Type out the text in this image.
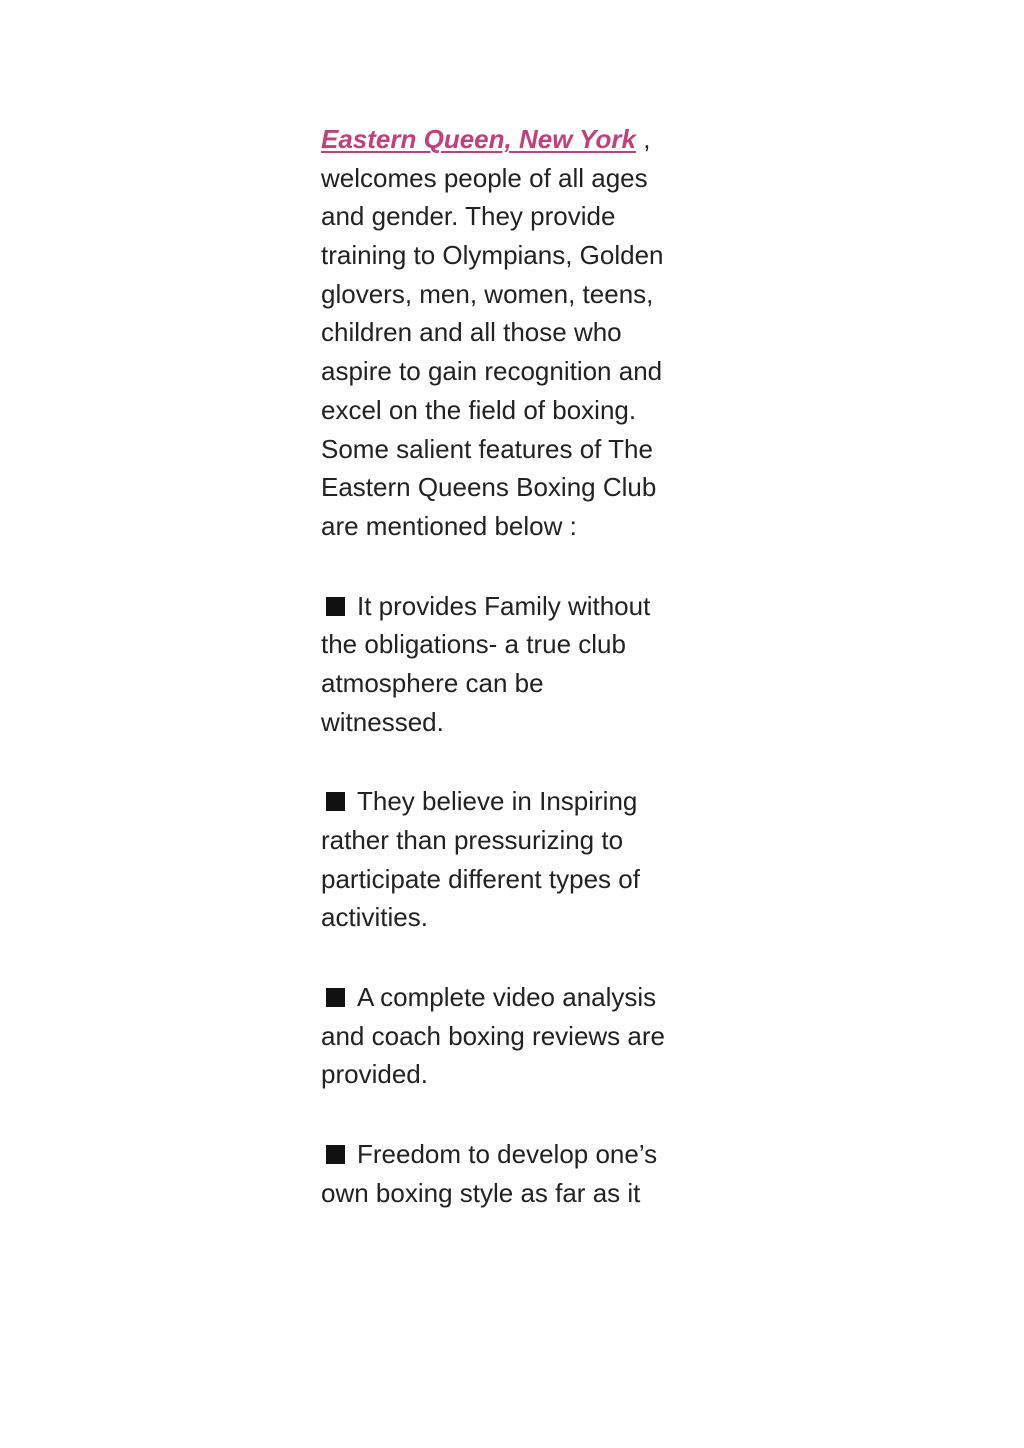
Eastern Queen, New York ,
welcomes people of all ages
and gender. They provide
training to Olympians, Golden
glovers, men, women, teens,
children and all those who
aspire to gain recognition and
excel on the field of boxing.
Some salient features of The
Eastern Queens Boxing Club
are mentioned below :
It provides Family without
the obligations- a true club
atmosphere can be
witnessed.
They believe in Inspiring
rather than pressurizing to
participate different types of
activities.
A complete video analysis
and coach boxing reviews are
provided.
Freedom to develop one’s
own boxing style as far as it
